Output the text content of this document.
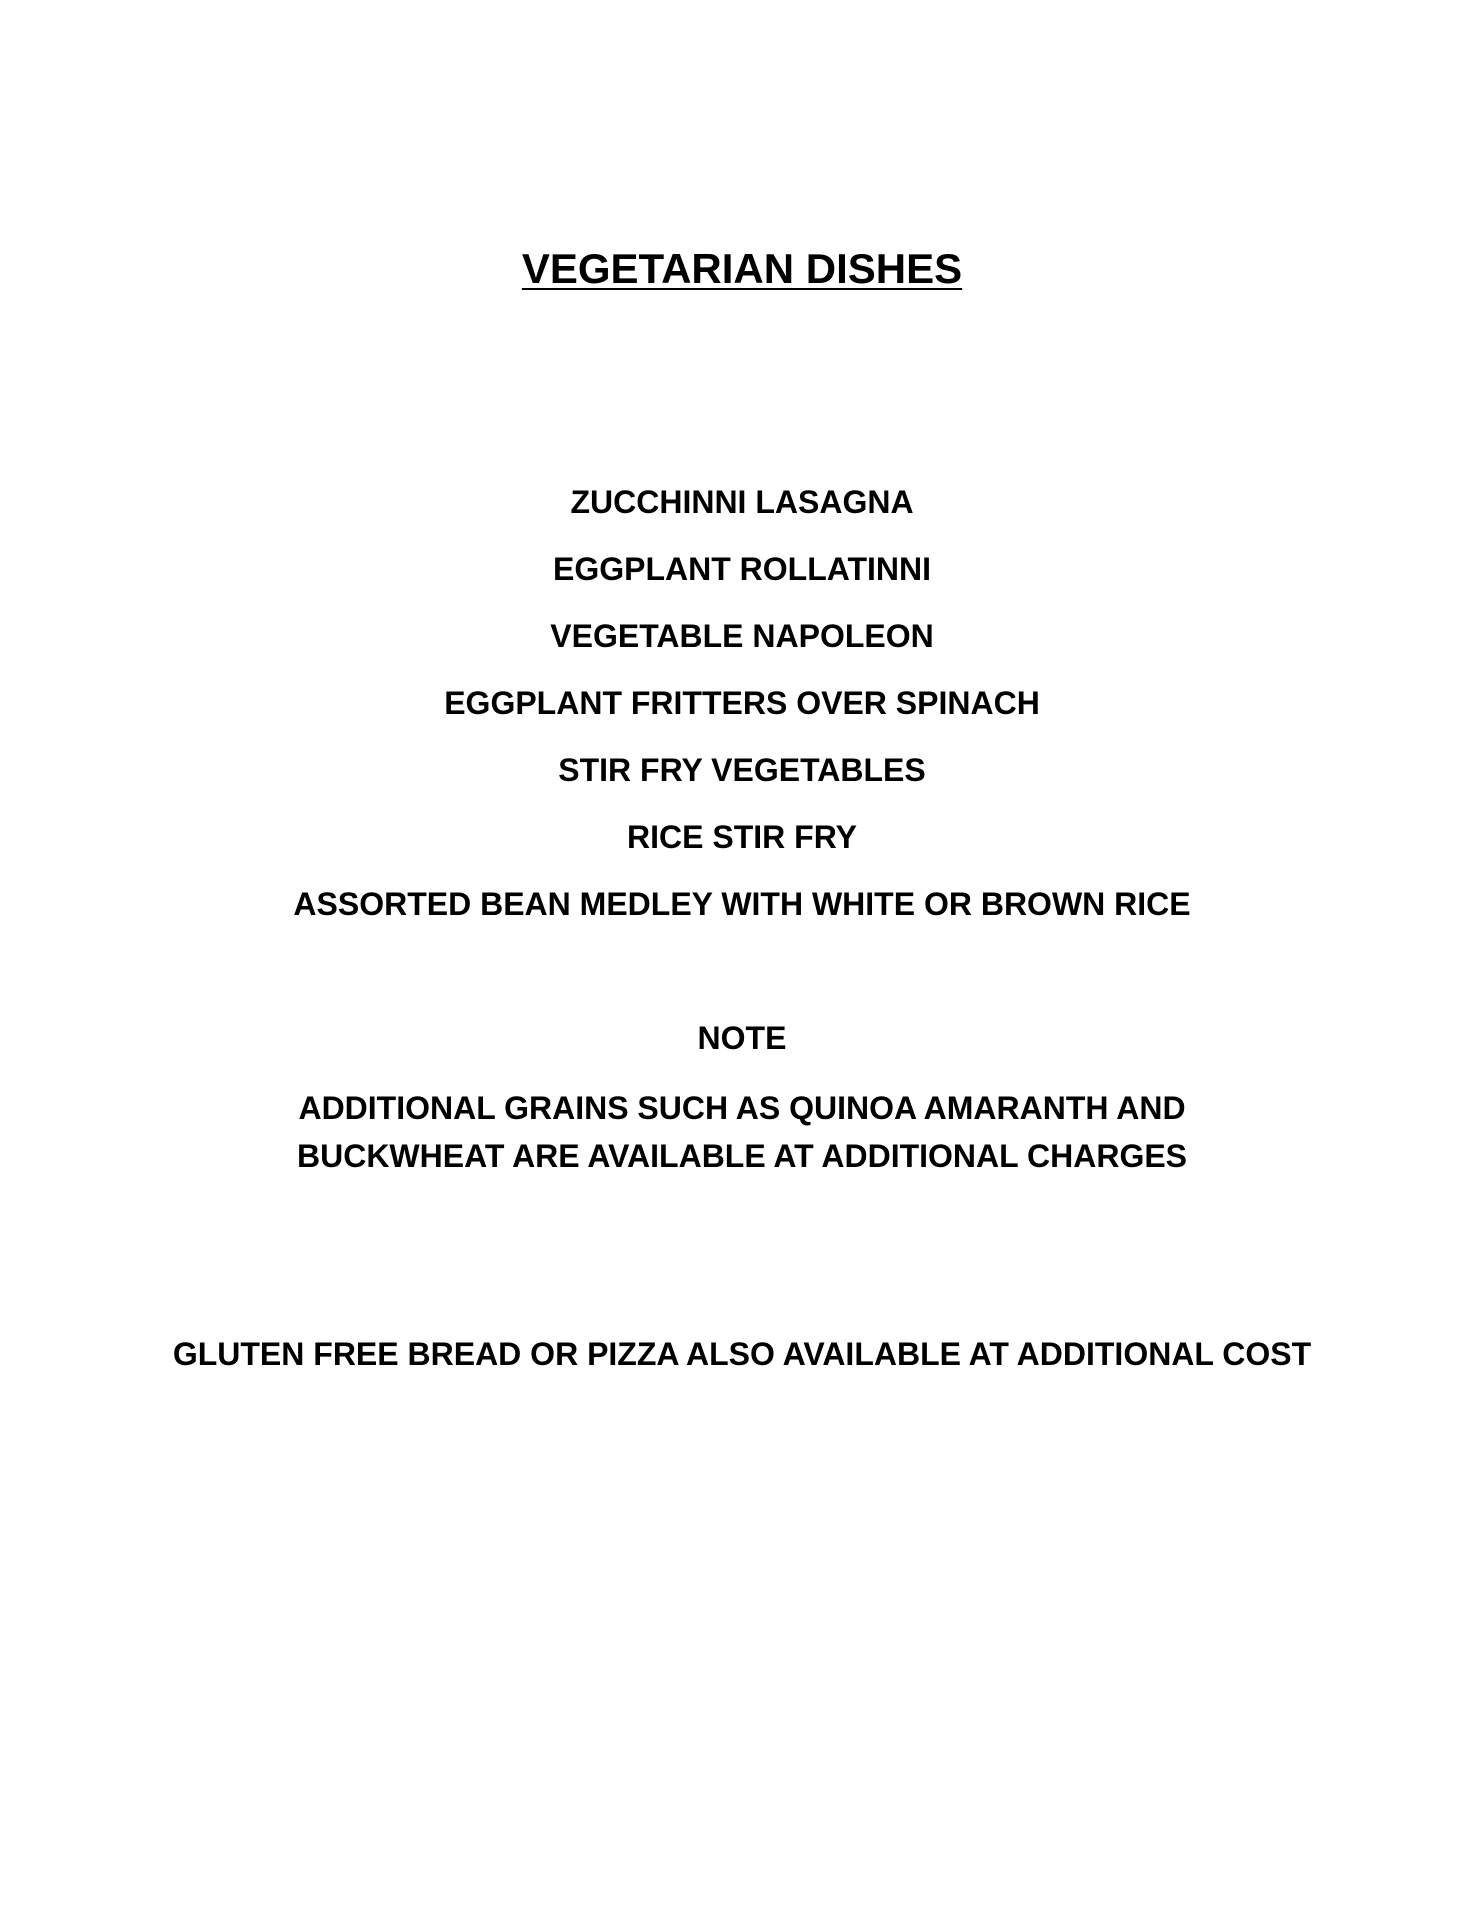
VEGETARIAN DISHES
ZUCCHINNI LASAGNA
EGGPLANT ROLLATINNI
VEGETABLE NAPOLEON
EGGPLANT FRITTERS OVER SPINACH
STIR FRY VEGETABLES
RICE STIR FRY
ASSORTED BEAN MEDLEY WITH WHITE OR BROWN RICE
NOTE
ADDITIONAL GRAINS SUCH AS QUINOA AMARANTH AND
BUCKWHEAT ARE AVAILABLE AT ADDITIONAL CHARGES
GLUTEN FREE BREAD OR PIZZA ALSO AVAILABLE AT ADDITIONAL COST
